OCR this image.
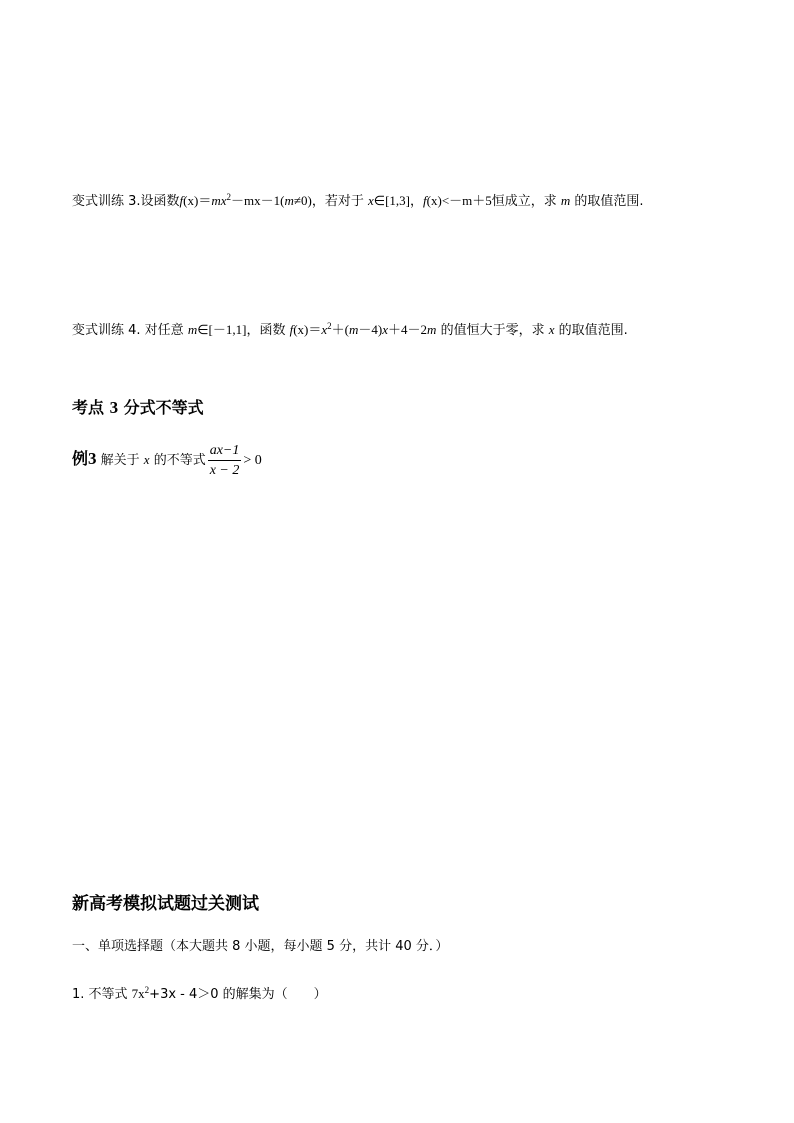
变式训练 3.设函数$f(x)=mx^2-mx-1(m\ne 0)$，若对于 x∈[1,3]，f(x)<－m＋5恒成立，求 m 的取值范围.
变式训练 4. 对任意 m∈[－1,1]，函数 $f(x)=x^2+(m-4)x+4-2m$ 的值恒大于零，求 x 的取值范围.
考点 3 分式不等式
例3 解关于 x 的不等式 $\frac{ax-1}{x - 2} > 0$
新高考模拟试题过关测试
一、单项选择题（本大题共 8 小题，每小题 5 分，共计 40 分．）
1. 不等式 $7x^2+3x - 4>0$ 的解集为（　　）
